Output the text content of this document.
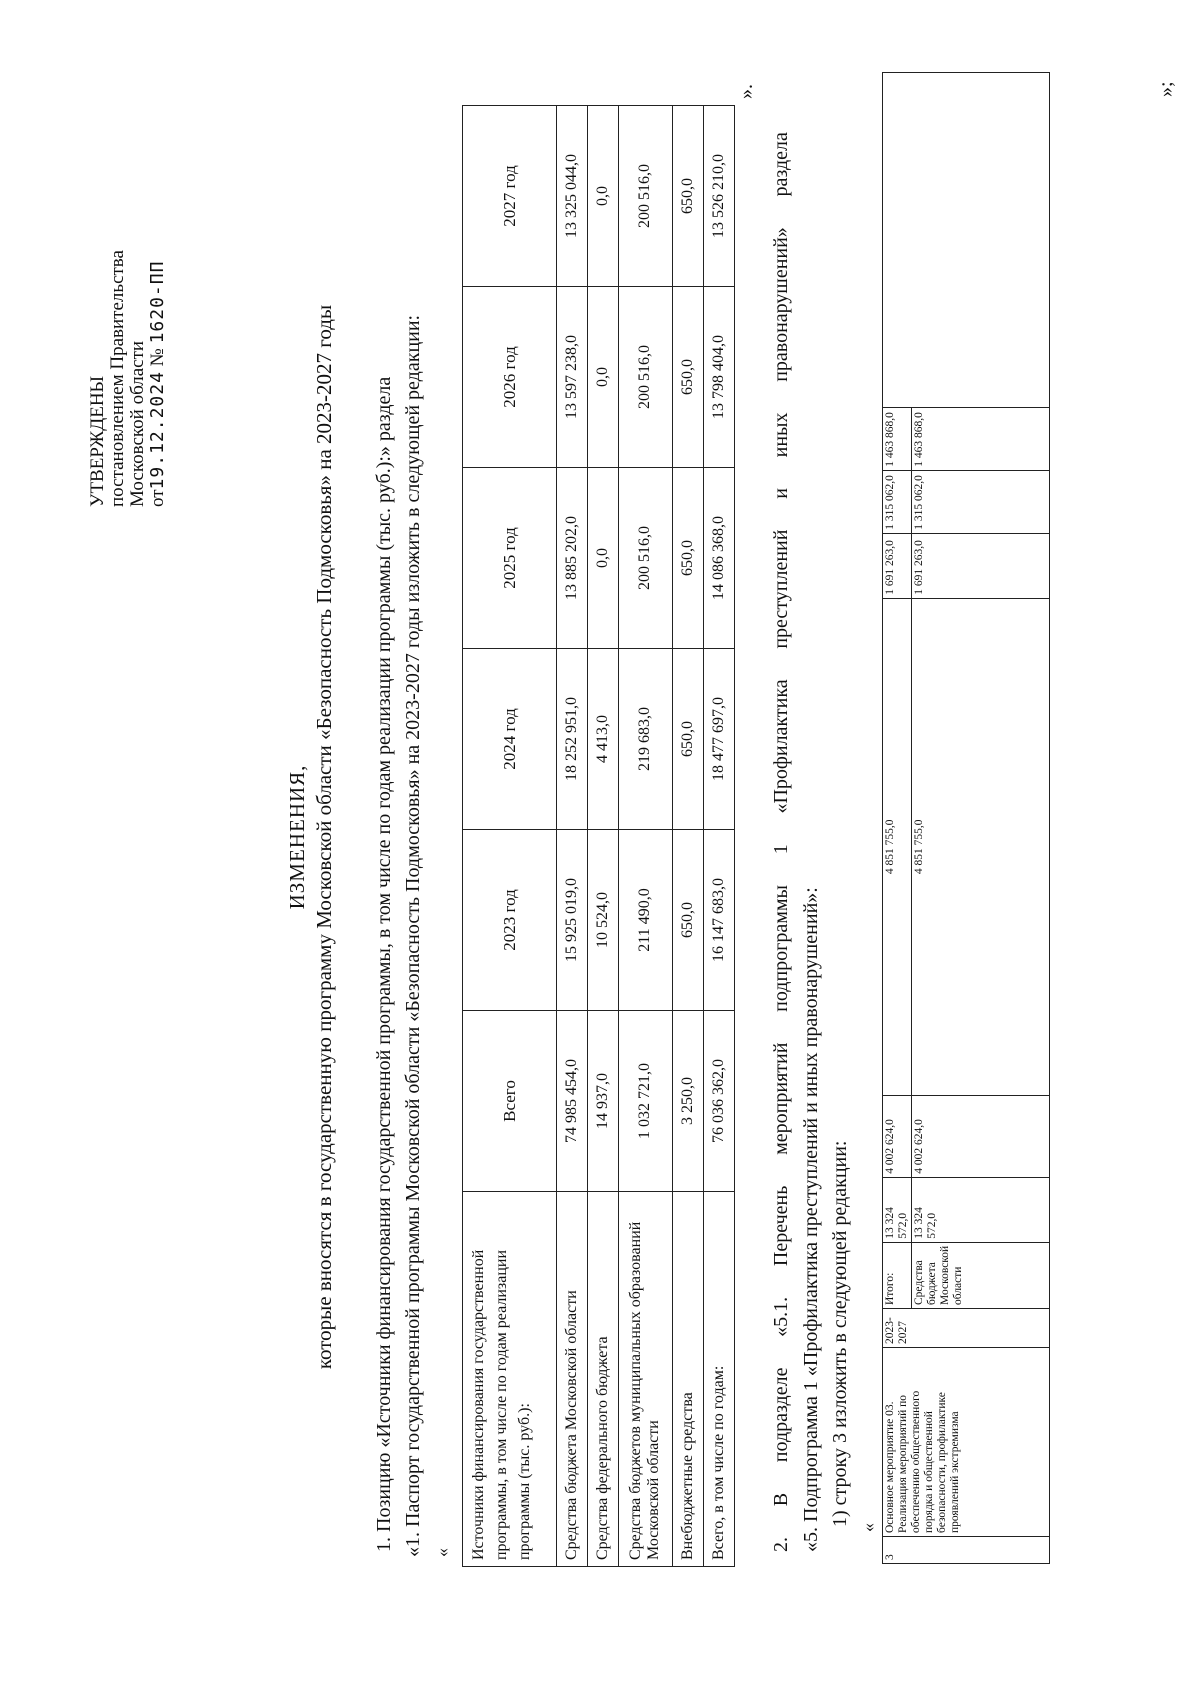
УТВЕРЖДЕНЫ постановлением Правительства Московской области от19.12.2024 № 1620-ПП
ИЗМЕНЕНИЯ, которые вносятся в государственную программу Московской области «Безопасность Подмосковья» на 2023-2027 годы 1. Позицию «Источники финансирования государственной программы, в том числе по годам реализации программы (тыс. руб.):» раздела «1. Паспорт государственной программы Московской области «Безопасность Подмосковья» на 2023-2027 годы изложить в следующей редакции: « Источники финансирования государственной программы, в том числе по годам реализации программы (тыс. руб.):	Всего	2023 год	2024 год	2025 год	2026 год	2027 год
Средства бюджета Московской области	74 985 454,0	15 925 019,0	18 252 951,0	13 885 202,0	13 597 238,0	13 325 044,0
Средства федерального бюджета	14 937,0	10 524,0	4 413,0	0,0	0,0	0,0
Средства бюджетов муниципальных образований Московской области	1 032 721,0	211 490,0	219 683,0	200 516,0	200 516,0	200 516,0
Внебюджетные средства	3 250,0	650,0	650,0	650,0	650,0	650,0
Всего, в том числе по годам:	76 036 362,0	16 147 683,0	18 477 697,0	14 086 368,0	13 798 404,0	13 526 210,0
».
2.
В
подразделе
«5.1.
Перечень
мероприятий
подпрограммы
1
«Профилактика
преступлений
и
иных
правонарушений»
раздела
«5. Подпрограмма 1 «Профилактика преступлений и иных правонарушений»: 1) строку 3 изложить в следующей редакции:
«
3	Основное мероприятие 03. Реализация мероприятий по обеспечению общественного порядка и общественной безопасности, профилактике проявлений экстремизма	2023-2027	Итого:	13 324 572,0	4 002 624,0	4 851 755,0	1 691 263,0	1 315 062,0	1 463 868,0	
			Средства бюджета Московской области	13 324 572,0	4 002 624,0	4 851 755,0	1 691 263,0	1 315 062,0	1 463 868,0	
»;
